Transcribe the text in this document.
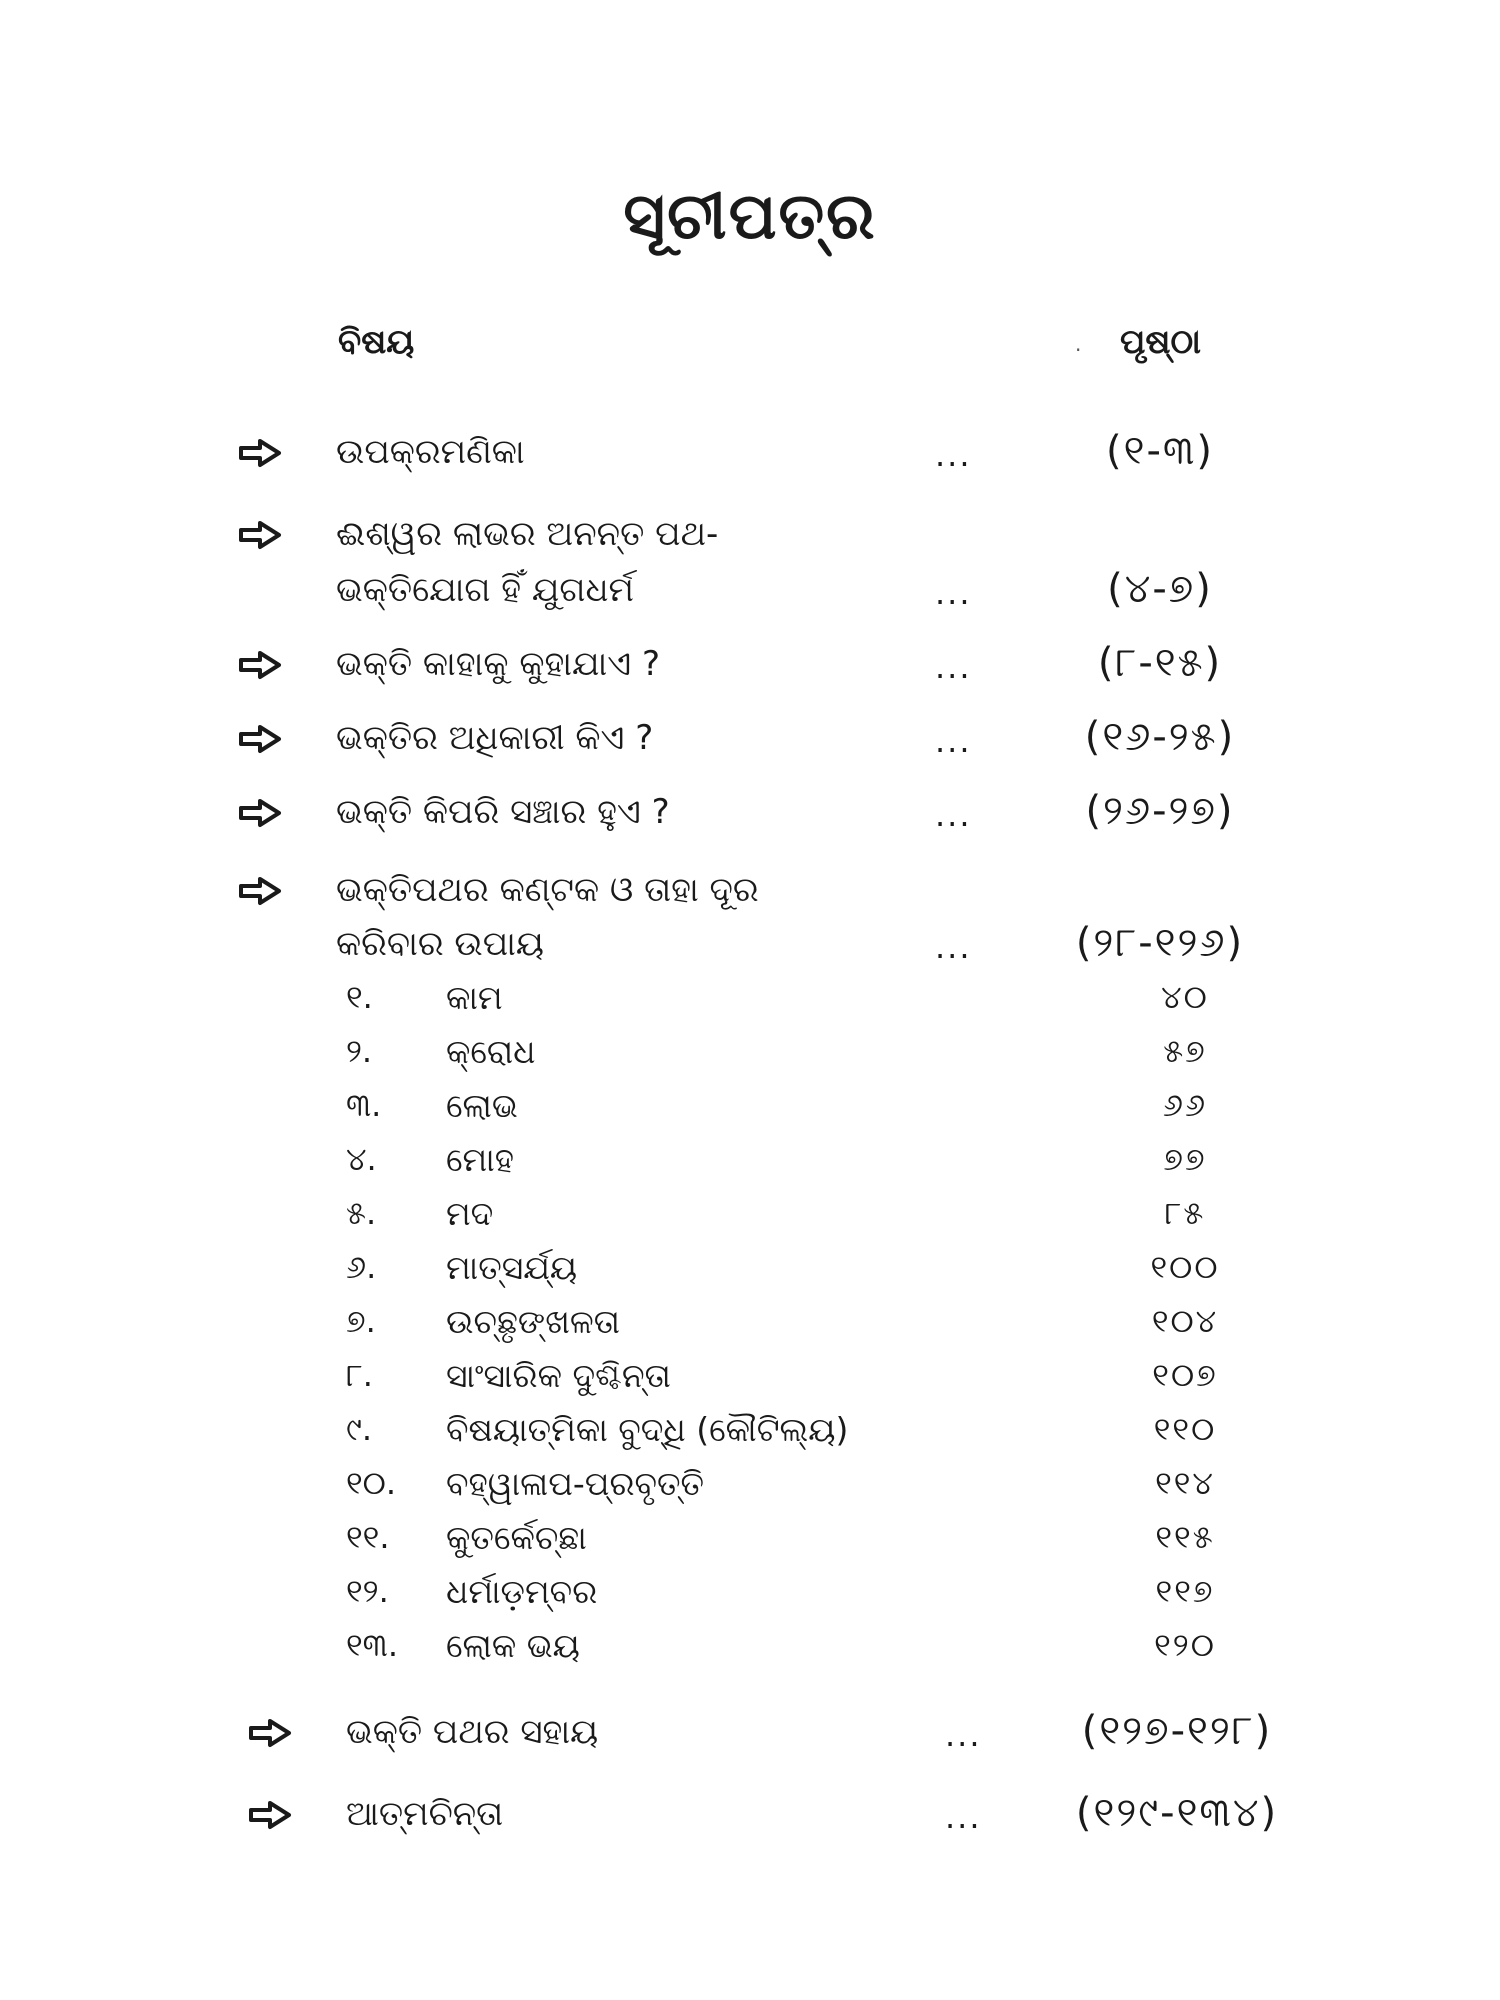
ସୂଚୀପତ୍ର
ବିଷୟ	· ପୃଷ୍ଠା
ଉପକ୍ରମଣିକା	...	(୧-୩)
ଈଶ୍ୱର ଲାଭର ଅନନ୍ତ ପଥ-
ଭକ୍ତିଯୋଗ ହିଁ ଯୁଗଧର୍ମ	...	(୪-୭)
ଭକ୍ତି କାହାକୁ କୁହାଯାଏ ?	...	(୮-୧୫)
ଭକ୍ତିର ଅଧିକାରୀ କିଏ ?	...	(୧୬-୨୫)
ଭକ୍ତି କିପରି ସଞ୍ଚାର ହୁଏ ?	...	(୨୬-୨୭)
ଭକ୍ତିପଥର କଣ୍ଟକ ଓ ତାହା ଦୂର
କରିବାର ଉପାୟ	...	(୨୮-୧୨୬)
୧. କାମ	୪୦
୨. କ୍ରୋଧ	୫୭
୩. ଲୋଭ	୬୬
୪. ମୋହ	୭୭
୫. ମଦ	୮୫
୬. ମାତ୍ସର୍ଯ୍ୟ	୧୦୦
୭. ଉଚ୍ଛୃଙ୍ଖଳତା	୧୦୪
୮. ସାଂସାରିକ ଦୁଶ୍ଚିନ୍ତା	୧୦୭
୯. ବିଷୟାତ୍ମିକା ବୁଦ୍ଧି (କୌଟିଲ୍ୟ)	୧୧୦
୧୦. ବହ୍ୱାଳାପ-ପ୍ରବୃତ୍ତି	୧୧୪
୧୧. କୁତର୍କେଚ୍ଛା	୧୧୫
୧୨. ଧର୍ମାଡ଼ମ୍ବର	୧୧୭
୧୩. ଲୋକ ଭୟ	୧୨୦
ଭକ୍ତି ପଥର ସହାୟ	...	(୧୨୭-୧୨୮)
ଆତ୍ମଚିନ୍ତା	...	(୧୨୯-୧୩୪)
